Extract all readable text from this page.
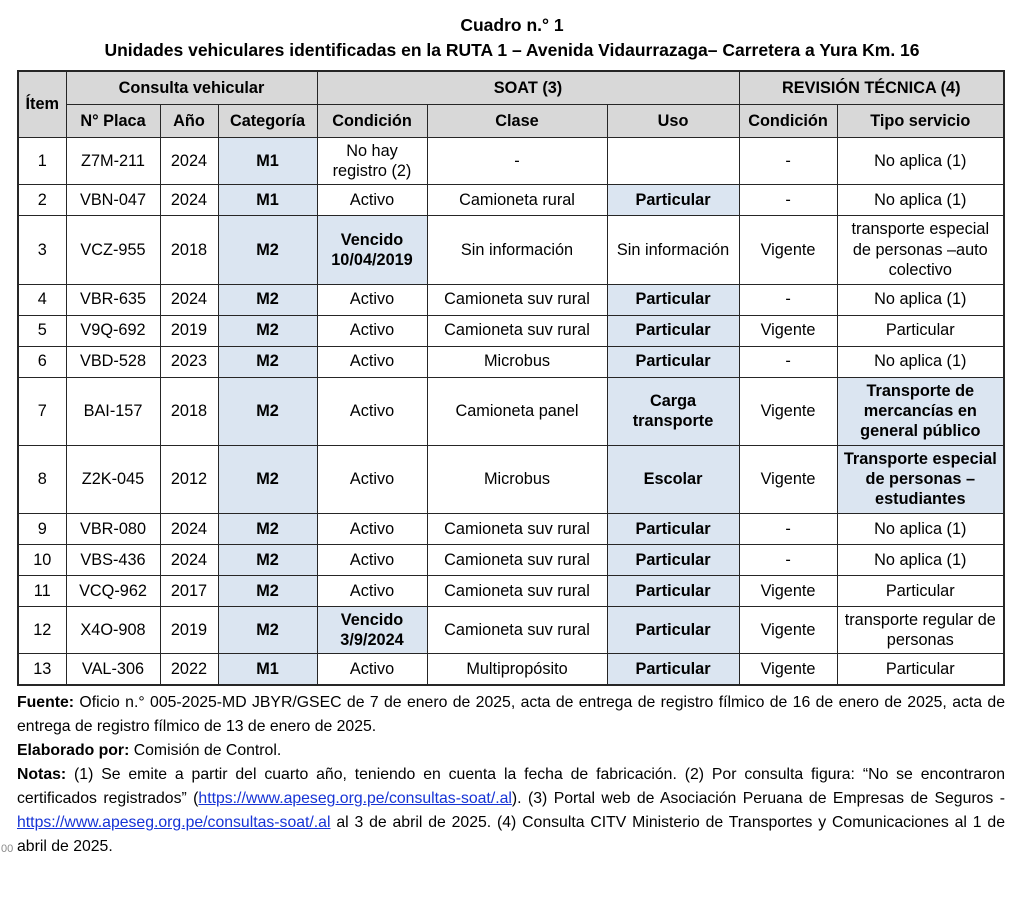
Cuadro n.° 1
Unidades vehiculares identificadas en la RUTA 1 – Avenida Vidaurrazaga– Carretera a Yura Km. 16
Ítem	Consulta vehicular			SOAT (3)			REVISIÓN TÉCNICA (4)	
	N° Placa	Año	Categoría	Condición	Clase	Uso	Condición	Tipo servicio
1	Z7M-211	2024	M1	No hay registro (2)	-		-	No aplica (1)
2	VBN-047	2024	M1	Activo	Camioneta rural	Particular	-	No aplica (1)
3	VCZ-955	2018	M2	Vencido 10/04/2019	Sin información	Sin información	Vigente	transporte especial de personas –auto colectivo
4	VBR-635	2024	M2	Activo	Camioneta suv rural	Particular	-	No aplica (1)
5	V9Q-692	2019	M2	Activo	Camioneta suv rural	Particular	Vigente	Particular
6	VBD-528	2023	M2	Activo	Microbus	Particular	-	No aplica (1)
7	BAI-157	2018	M2	Activo	Camioneta panel	Carga transporte	Vigente	Transporte de mercancías en general público
8	Z2K-045	2012	M2	Activo	Microbus	Escolar	Vigente	Transporte especial de personas – estudiantes
9	VBR-080	2024	M2	Activo	Camioneta suv rural	Particular	-	No aplica (1)
10	VBS-436	2024	M2	Activo	Camioneta suv rural	Particular	-	No aplica (1)
11	VCQ-962	2017	M2	Activo	Camioneta suv rural	Particular	Vigente	Particular
12	X4O-908	2019	M2	Vencido 3/9/2024	Camioneta suv rural	Particular	Vigente	transporte regular de personas
13	VAL-306	2022	M1	Activo	Multipropósito	Particular	Vigente	Particular

Fuente: Oficio n.° 005-2025-MD JBYR/GSEC de 7 de enero de 2025, acta de entrega de registro fílmico de 16 de enero de 2025, acta de entrega de registro fílmico de 13 de enero de 2025.

Elaborado por: Comisión de Control.

Notas: (1) Se emite a partir del cuarto año, teniendo en cuenta la fecha de fabricación. (2) Por consulta figura: “No se encontraron certificados registrados” (https://www.apeseg.org.pe/consultas-soat/.al). (3) Portal web de Asociación Peruana de Empresas de Seguros - https://www.apeseg.org.pe/consultas-soat/.al al 3 de abril de 2025. (4) Consulta CITV Ministerio de Transportes y Comunicaciones al 1 de abril de 2025.

00
